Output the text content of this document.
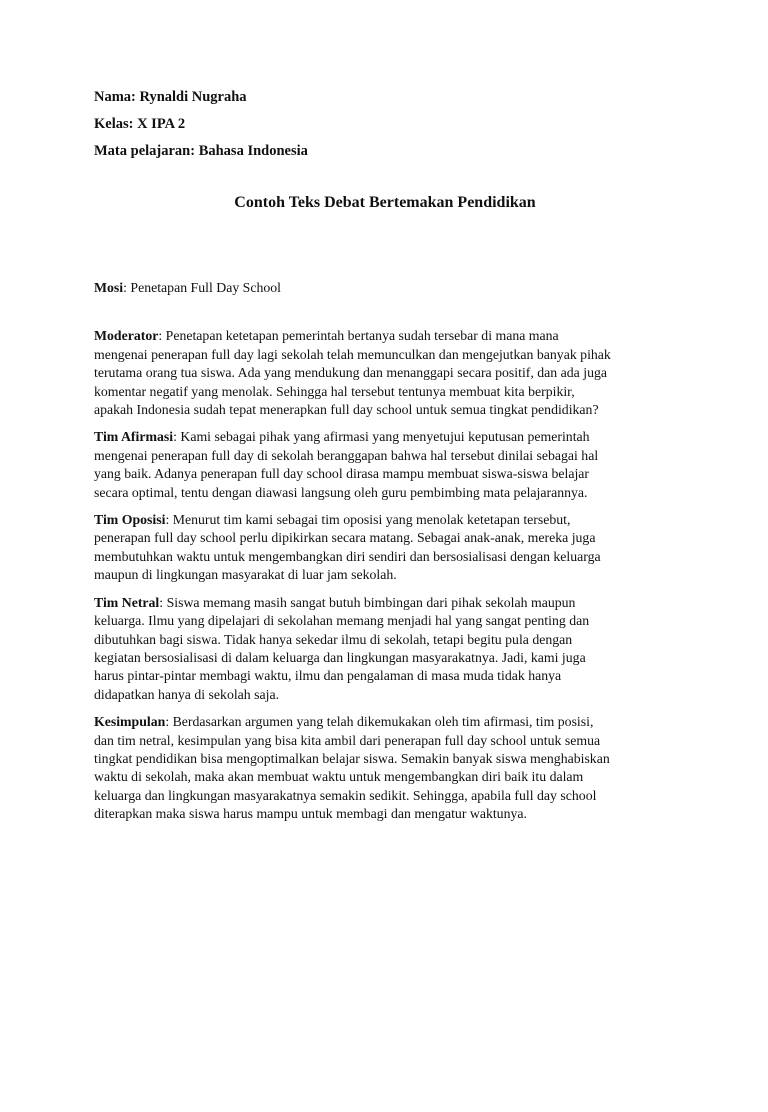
Nama: Rynaldi Nugraha

Kelas: X IPA 2

Mata pelajaran: Bahasa Indonesia

Contoh Teks Debat Bertemakan Pendidikan

Mosi: Penetapan Full Day School

Moderator: Penetapan ketetapan pemerintah bertanya sudah tersebar di mana mana
mengenai penerapan full day lagi sekolah telah memunculkan dan mengejutkan banyak pihak
terutama orang tua siswa. Ada yang mendukung dan menanggapi secara positif, dan ada juga
komentar negatif yang menolak. Sehingga hal tersebut tentunya membuat kita berpikir,
apakah Indonesia sudah tepat menerapkan full day school untuk semua tingkat pendidikan?

Tim Afirmasi: Kami sebagai pihak yang afirmasi yang menyetujui keputusan pemerintah
mengenai penerapan full day di sekolah beranggapan bahwa hal tersebut dinilai sebagai hal
yang baik. Adanya penerapan full day school dirasa mampu membuat siswa-siswa belajar
secara optimal, tentu dengan diawasi langsung oleh guru pembimbing mata pelajarannya.

Tim Oposisi: Menurut tim kami sebagai tim oposisi yang menolak ketetapan tersebut,
penerapan full day school perlu dipikirkan secara matang. Sebagai anak-anak, mereka juga
membutuhkan waktu untuk mengembangkan diri sendiri dan bersosialisasi dengan keluarga
maupun di lingkungan masyarakat di luar jam sekolah.

Tim Netral: Siswa memang masih sangat butuh bimbingan dari pihak sekolah maupun
keluarga. Ilmu yang dipelajari di sekolahan memang menjadi hal yang sangat penting dan
dibutuhkan bagi siswa. Tidak hanya sekedar ilmu di sekolah, tetapi begitu pula dengan
kegiatan bersosialisasi di dalam keluarga dan lingkungan masyarakatnya. Jadi, kami juga
harus pintar-pintar membagi waktu, ilmu dan pengalaman di masa muda tidak hanya
didapatkan hanya di sekolah saja.

Kesimpulan: Berdasarkan argumen yang telah dikemukakan oleh tim afirmasi, tim posisi,
dan tim netral, kesimpulan yang bisa kita ambil dari penerapan full day school untuk semua
tingkat pendidikan bisa mengoptimalkan belajar siswa. Semakin banyak siswa menghabiskan
waktu di sekolah, maka akan membuat waktu untuk mengembangkan diri baik itu dalam
keluarga dan lingkungan masyarakatnya semakin sedikit. Sehingga, apabila full day school
diterapkan maka siswa harus mampu untuk membagi dan mengatur waktunya.
